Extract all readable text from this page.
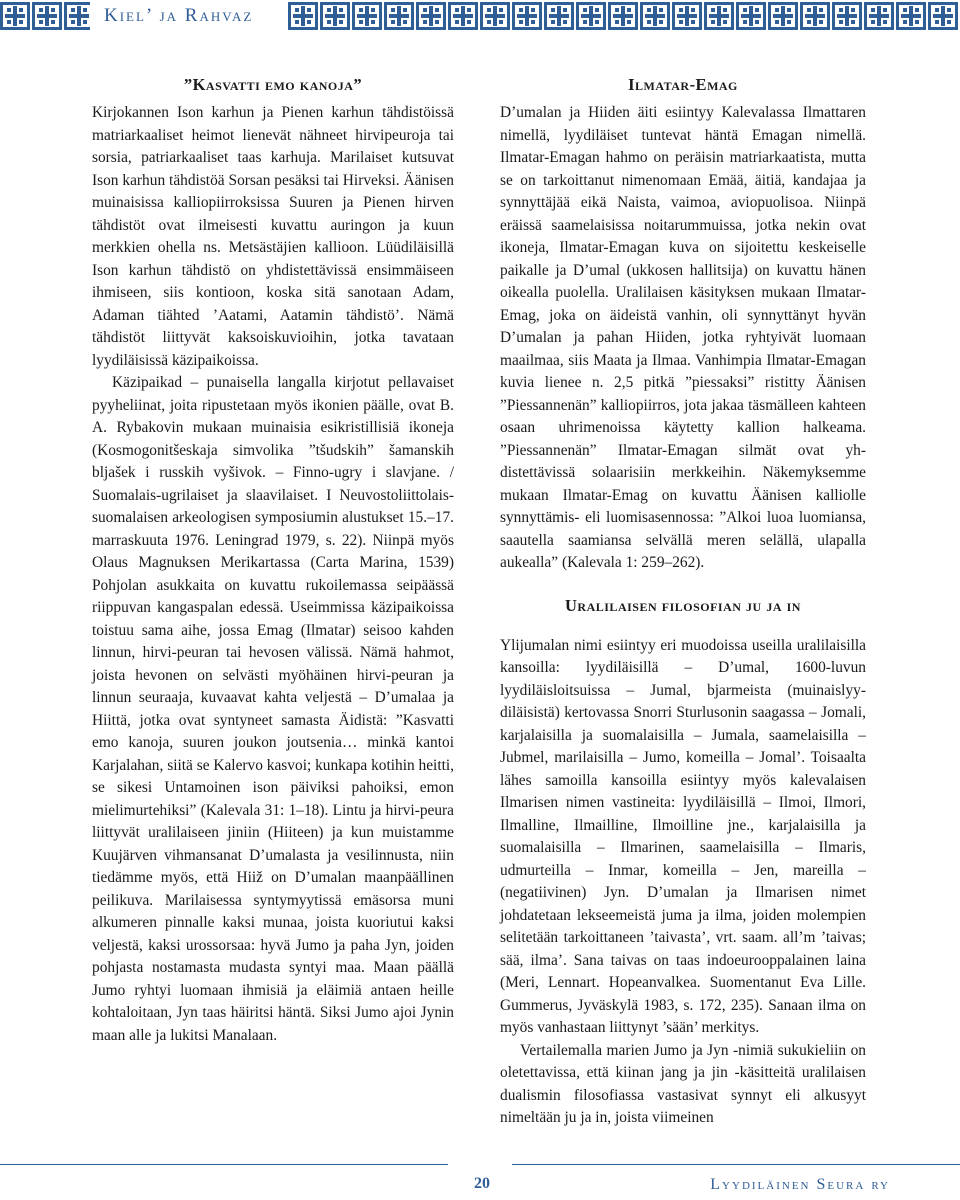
Kiel’ ja Rahvaz
”Kasvatti emo kanoja”

Kirjokannen Ison karhun ja Pienen karhun tähdistöissä matriarkaaliset heimot lienevät nähneet hirvipeuroja tai sorsia, patriarkaaliset taas karhuja. Marilaiset kutsuvat Ison karhun tähdistöä Sorsan pesäksi tai Hirveksi. Äänisen muinaisissa kalliopiirroksissa Suuren ja Pienen hirven tähdistöt ovat ilmeisesti kuvattu auringon ja kuun merkkien ohella ns. Metsästäjien kallioon. Lüüdiläisillä Ison karhun tähdistö on yhdistettävissä ensimmäiseen ihmiseen, siis kontioon, koska sitä sanotaan Adam, Adaman tiähted ’Aatami, Aatamin tähdistö’. Nämä tähdistöt liittyvät kaksoiskuvioihin, jotka tavataan lyydiläisissä käzipaikoissa.

Käzipaikad – punaisella langalla kirjotut pellavaiset pyyheliinat, joita ripustetaan myös ikonien päälle, ovat B. A. Rybakovin mukaan muinaisia esikristillisiä ikoneja (Kosmogonitšeskaja simvolika ”tšudskih” šamanskih bljašek i russkih vyšivok. – Finno-ugry i slavjane. / Suomalais-ugrilaiset ja slaavilaiset. I Neuvostoliittolais-suomalaisen arkeologisen symposiumin alustukset 15.–17. marraskuuta 1976. Leningrad 1979, s. 22). Niinpä myös Olaus Magnuksen Merikartassa (Carta Marina, 1539) Pohjolan asukkaita on kuvattu rukoilemassa seipäässä riippuvan kangaspalan edessä. Useimmissa käzipaikoissa toistuu sama aihe, jossa Emag (Ilmatar) seisoo kahden linnun, hirvi-peuran tai hevosen välissä. Nämä hahmot, joista hevonen on selvästi myöhäinen hirvi-peuran ja linnun seuraaja, kuvaavat kahta veljestä – D’umalaa ja Hiittä, jotka ovat syntyneet samasta Äidistä: ”Kasvatti emo kanoja, suuren joukon joutsenia… minkä kantoi Karjalahan, siitä se Kalervo kasvoi; kunkapa kotihin heitti, se sikesi Untamoinen ison päiviksi pahoiksi, emon mielimurtehiksi” (Kalevala 31: 1–18). Lintu ja hirvi-peura liittyvät uralilaiseen jiniin (Hiiteen) ja kun muistamme Kuujärven vihmansanat D’umalasta ja vesilinnusta, niin tiedämme myös, että Hiiž on D’umalan maanpäällinen peilikuva. Marilaisessa syntymyytissä emäsorsa muni alkumeren pinnalle kaksi munaa, joista kuoriutui kaksi veljestä, kaksi urossorsaa: hyvä Jumo ja paha Jyn, joiden pohjasta nostamasta mudasta syntyi maa. Maan päällä Jumo ryhtyi luomaan ihmisiä ja eläimiä antaen heille kohtaloitaan, Jyn taas häiritsi häntä. Siksi Jumo ajoi Jynin maan alle ja lukitsi Manalaan.

Ilmatar-Emag

D’umalan ja Hiiden äiti esiintyy Kalevalassa Ilmattaren nimellä, lyydiläiset tuntevat häntä Emagan nimellä. Ilmatar-Emagan hahmo on peräisin matriarkaatista, mutta se on tarkoittanut nimenomaan Emää, äitiä, kandajaa ja synnyttäjää eikä Naista, vaimoa, aviopuolisoa. Niinpä eräissä saamelaisissa noitarummuissa, jotka nekin ovat ikoneja, Ilmatar-Emagan kuva on sijoitettu keskeiselle paikalle ja D’umal (ukkosen hallitsija) on kuvattu hänen oikealla puolella. Uralilaisen käsityksen mukaan Ilmatar-Emag, joka on äideistä vanhin, oli synnyttänyt hyvän D’umalan ja pahan Hiiden, jotka ryhtyivät luomaan maailmaa, siis Maata ja Ilmaa. Vanhimpia Ilmatar-Emagan kuvia lienee n. 2,5 pitkä ”piessaksi” ristitty Äänisen ”Piessannenän” kalliopiirros, jota jakaa täsmälleen kahteen osaan uhrimenoissa käytetty kallion halkeama. ”Piessannenän” Ilmatar-Emagan silmät ovat yhdistettävissä solaarisiin merkkeihin. Näkemyksemme mukaan Ilmatar-Emag on kuvattu Äänisen kalliolle synnyttämis- eli luomisasennossa: ”Alkoi luoa luomiansa, saautella saamiansa selvällä meren selällä, ulapalla aukealla” (Kalevala 1: 259–262).

Uralilaisen filosofian ju ja in

Ylijumalan nimi esiintyy eri muodoissa useilla uralilaisilla kansoilla: lyydiläisillä – D’umal, 1600-luvun lyydiläisloitsuissa – Jumal, bjarmeista (muinaislyydiläisistä) kertovassa Snorri Sturlusonin saagassa – Jomali, karjalaisilla ja suomalaisilla – Jumala, saamelaisilla – Jubmel, marilaisilla – Jumo, komeilla – Jomal’. Toisaalta lähes samoilla kansoilla esiintyy myös kalevalaisen Ilmarisen nimen vastineita: lyydiläisillä – Ilmoi, Ilmori, Ilmalline, Ilmailline, Ilmoilline jne., karjalaisilla ja suomalaisilla – Ilmarinen, saamelaisilla – Ilmaris, udmurteilla – Inmar, komeilla – Jen, mareilla – (negatiivinen) Jyn. D’umalan ja Ilmarisen nimet johdatetaan lekseemeistä juma ja ilma, joiden molempien selitetään tarkoittaneen ’taivasta’, vrt. saam. all’m ’taivas; sää, ilma’. Sana taivas on taas indoeurooppalainen laina (Meri, Lennart. Hopeanvalkea. Suomentanut Eva Lille. Gummerus, Jyväskylä 1983, s. 172, 235). Sanaan ilma on myös vanhastaan liittynyt ’sään’ merkitys.

Vertailemalla marien Jumo ja Jyn -nimiä sukukieliin on oletettavissa, että kiinan jang ja jin -käsitteitä uralilaisen dualismin filosofiassa vastasivat synnyt eli alkusyyt nimeltään ju ja in, joista viimeinen

20	Lyydiläinen Seura ry
